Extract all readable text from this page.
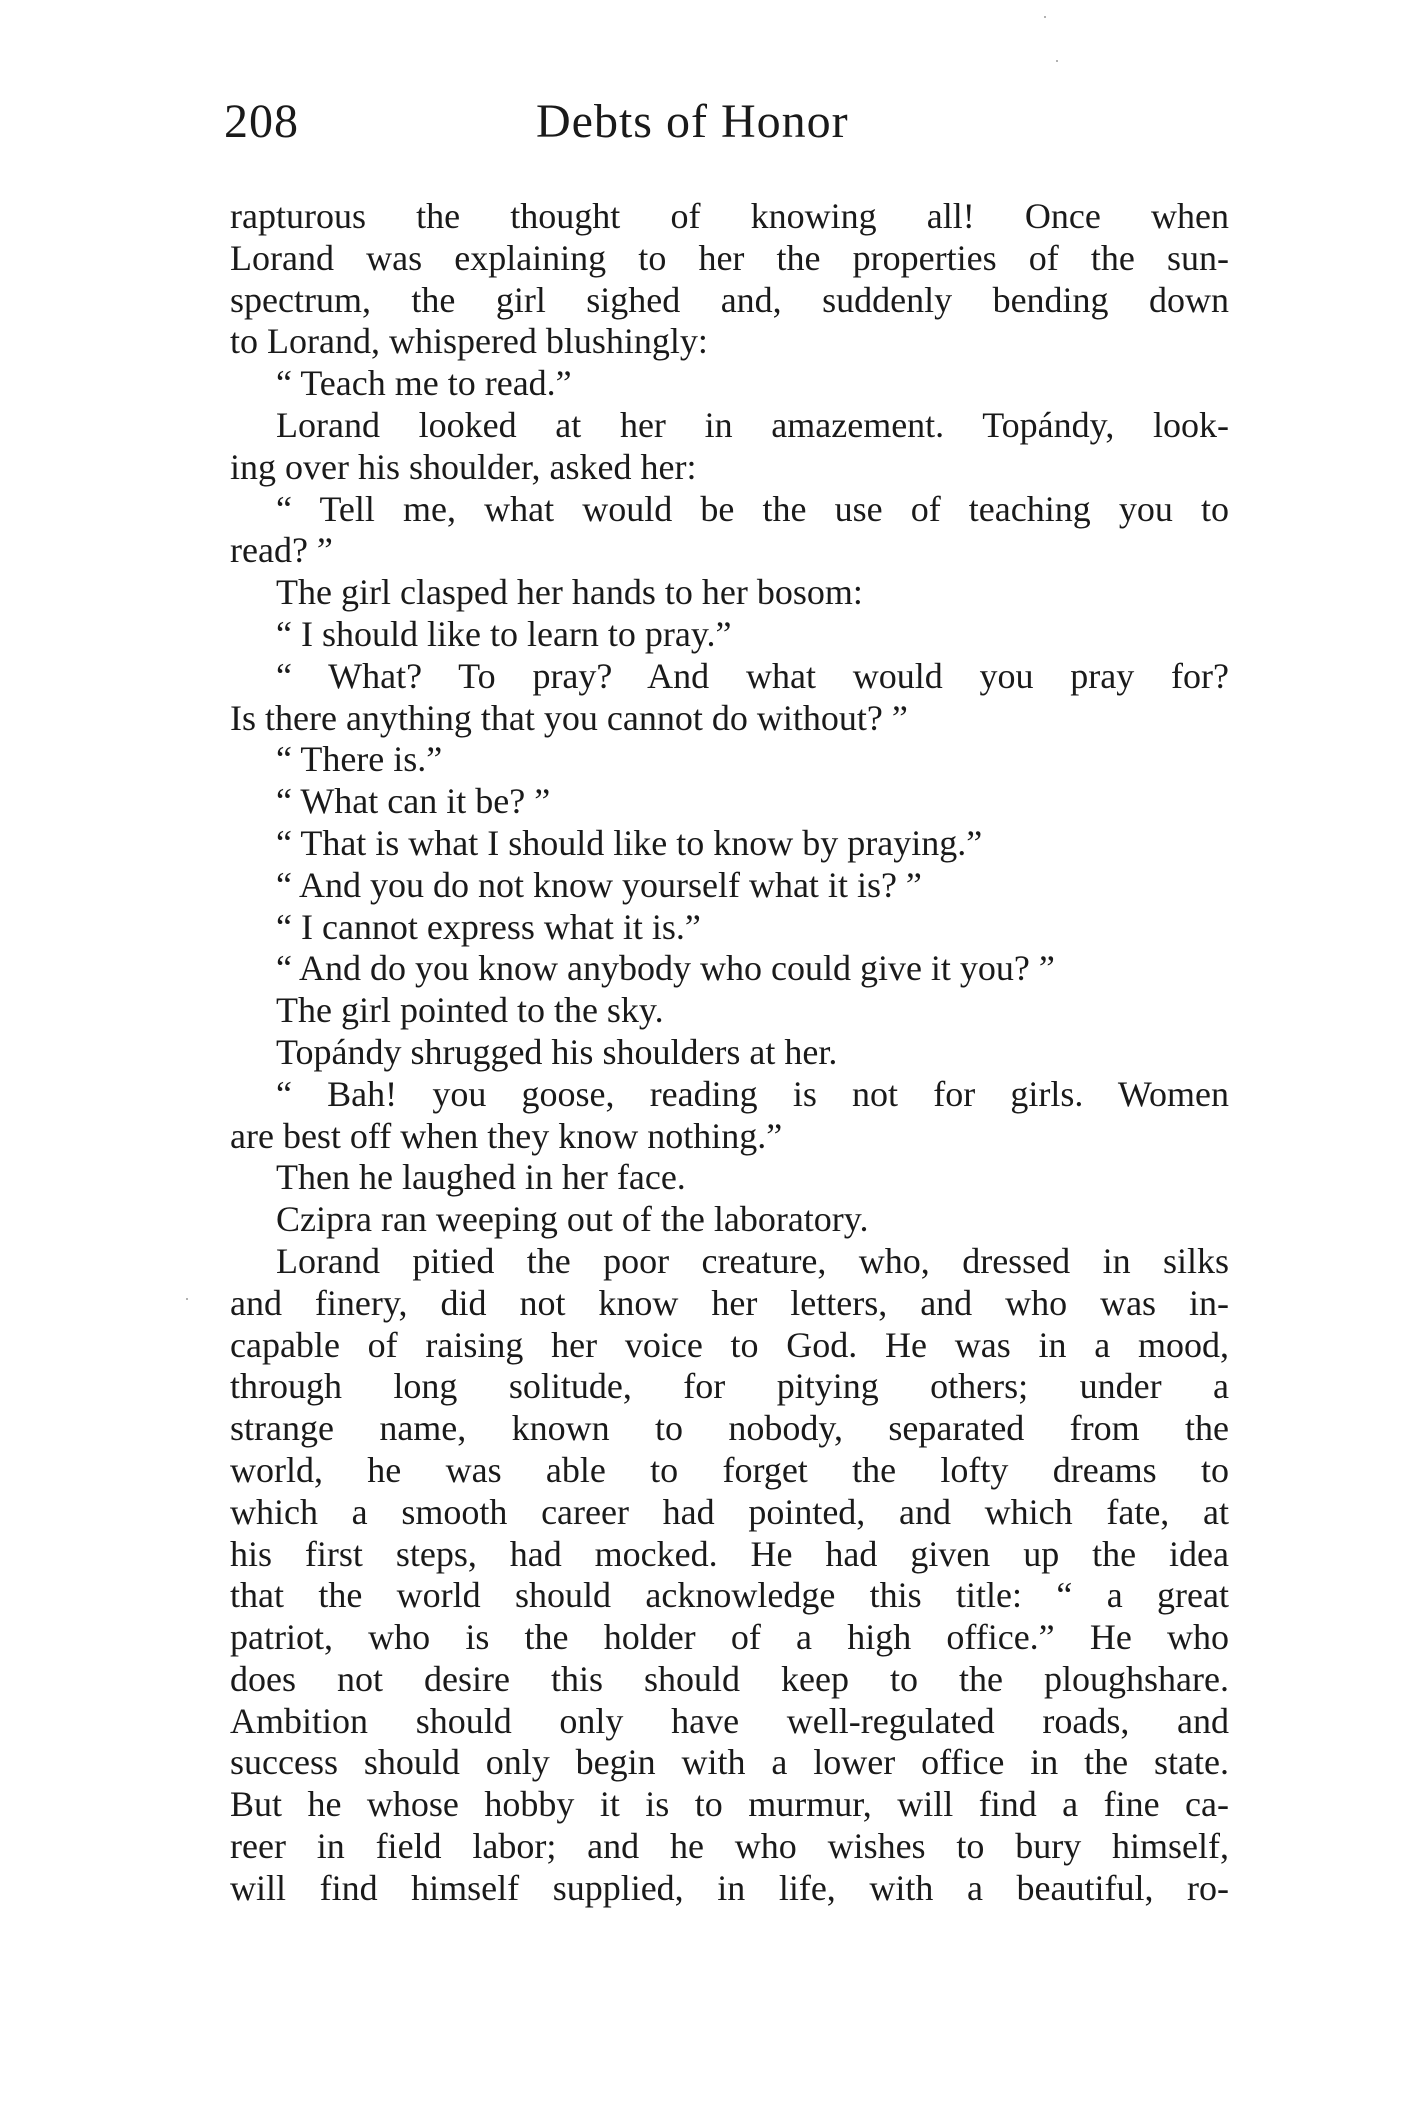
208	Debts of Honor
rapturous the thought of knowing all! Once when
Lorand was explaining to her the properties of the sun-
spectrum, the girl sighed and, suddenly bending down
to Lorand, whispered blushingly:
“ Teach me to read.”
Lorand looked at her in amazement. Topándy, look-
ing over his shoulder, asked her:
“ Tell me, what would be the use of teaching you to
read? ”
The girl clasped her hands to her bosom:
“ I should like to learn to pray.”
“ What? To pray? And what would you pray for?
Is there anything that you cannot do without? ”
“ There is.”
“ What can it be? ”
“ That is what I should like to know by praying.”
“ And you do not know yourself what it is? ”
“ I cannot express what it is.”
“ And do you know anybody who could give it you? ”
The girl pointed to the sky.
Topándy shrugged his shoulders at her.
“ Bah! you goose, reading is not for girls. Women
are best off when they know nothing.”
Then he laughed in her face.
Czipra ran weeping out of the laboratory.
Lorand pitied the poor creature, who, dressed in silks
and finery, did not know her letters, and who was in-
capable of raising her voice to God. He was in a mood,
through long solitude, for pitying others; under a
strange name, known to nobody, separated from the
world, he was able to forget the lofty dreams to
which a smooth career had pointed, and which fate, at
his first steps, had mocked. He had given up the idea
that the world should acknowledge this title: “ a great
patriot, who is the holder of a high office.” He who
does not desire this should keep to the ploughshare.
Ambition should only have well-regulated roads, and
success should only begin with a lower office in the state.
But he whose hobby it is to murmur, will find a fine ca-
reer in field labor; and he who wishes to bury himself,
will find himself supplied, in life, with a beautiful, ro-
